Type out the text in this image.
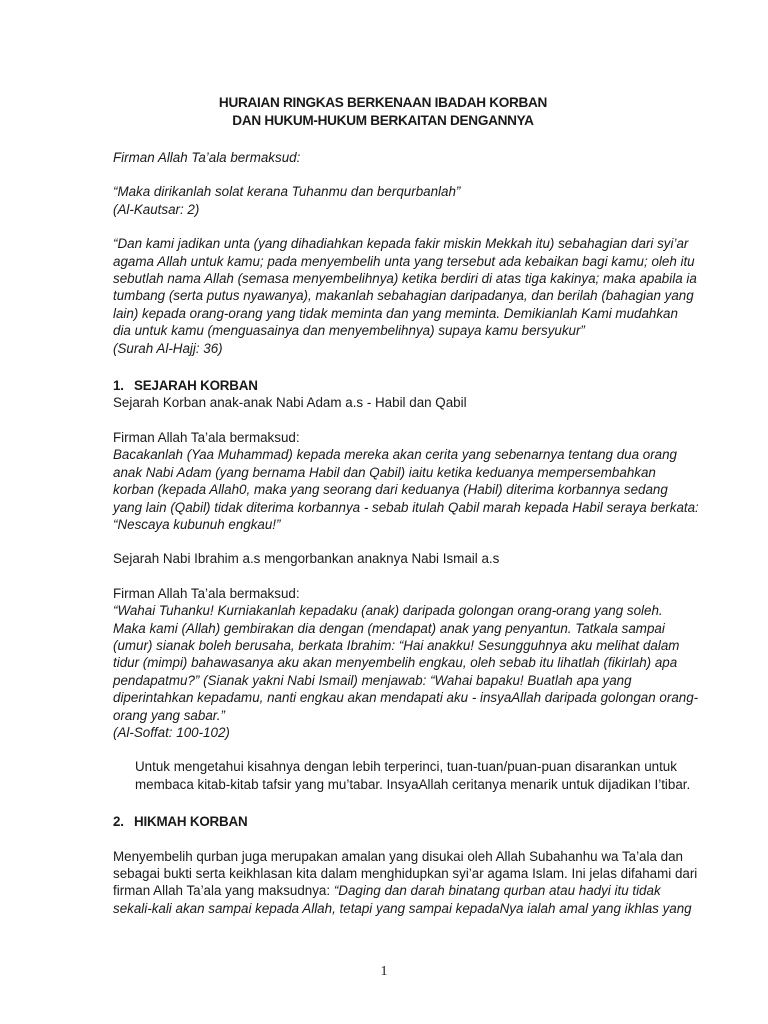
HURAIAN RINGKAS BERKENAAN IBADAH KORBAN

DAN HUKUM-HUKUM BERKAITAN DENGANNYA

Firman Allah Ta’ala bermaksud:

“Maka dirikanlah solat kerana Tuhanmu dan berqurbanlah”

(Al-Kautsar: 2)

“Dan kami jadikan unta (yang dihadiahkan kepada fakir miskin Mekkah itu) sebahagian dari syi’ar
agama Allah untuk kamu; pada menyembelih unta yang tersebut ada kebaikan bagi kamu; oleh itu
sebutlah nama Allah (semasa menyembelihnya) ketika berdiri di atas tiga kakinya; maka apabila ia
tumbang (serta putus nyawanya), makanlah sebahagian daripadanya, dan berilah (bahagian yang
lain) kepada orang-orang yang tidak meminta dan yang meminta. Demikianlah Kami mudahkan
dia untuk kamu (menguasainya dan menyembelihnya) supaya kamu bersyukur”
(Surah Al-Hajj: 36)

1. SEJARAH KORBAN

Sejarah Korban anak-anak Nabi Adam a.s - Habil dan Qabil

Firman Allah Ta’ala bermaksud:

Bacakanlah (Yaa Muhammad) kepada mereka akan cerita yang sebenarnya tentang dua orang
anak Nabi Adam (yang bernama Habil dan Qabil) iaitu ketika keduanya mempersembahkan
korban (kepada Allah0, maka yang seorang dari keduanya (Habil) diterima korbannya sedang
yang lain (Qabil) tidak diterima korbannya - sebab itulah Qabil marah kepada Habil seraya berkata:
“Nescaya kubunuh engkau!”

Sejarah Nabi Ibrahim a.s mengorbankan anaknya Nabi Ismail a.s

Firman Allah Ta’ala bermaksud:

“Wahai Tuhanku! Kurniakanlah kepadaku (anak) daripada golongan orang-orang yang soleh.
Maka kami (Allah) gembirakan dia dengan (mendapat) anak yang penyantun. Tatkala sampai
(umur) sianak boleh berusaha, berkata Ibrahim: “Hai anakku! Sesungguhnya aku melihat dalam
tidur (mimpi) bahawasanya aku akan menyembelih engkau, oleh sebab itu lihatlah (fikirlah) apa
pendapatmu?” (Sianak yakni Nabi Ismail) menjawab: “Wahai bapaku! Buatlah apa yang
diperintahkan kepadamu, nanti engkau akan mendapati aku - insyaAllah daripada golongan orang-
orang yang sabar.”
(Al-Soffat: 100-102)
Untuk mengetahui kisahnya dengan lebih terperinci, tuan-tuan/puan-puan disarankan untuk
membaca kitab-kitab tafsir yang mu’tabar. InsyaAllah ceritanya menarik untuk dijadikan I’tibar.

2. HIKMAH KORBAN

Menyembelih qurban juga merupakan amalan yang disukai oleh Allah Subahanhu wa Ta’ala dan
sebagai bukti serta keikhlasan kita dalam menghidupkan syi’ar agama Islam. Ini jelas difahami dari
firman Allah Ta’ala yang maksudnya: “Daging dan darah binatang qurban atau hadyi itu tidak
sekali-kali akan sampai kepada Allah, tetapi yang sampai kepadaNya ialah amal yang ikhlas yang
1
